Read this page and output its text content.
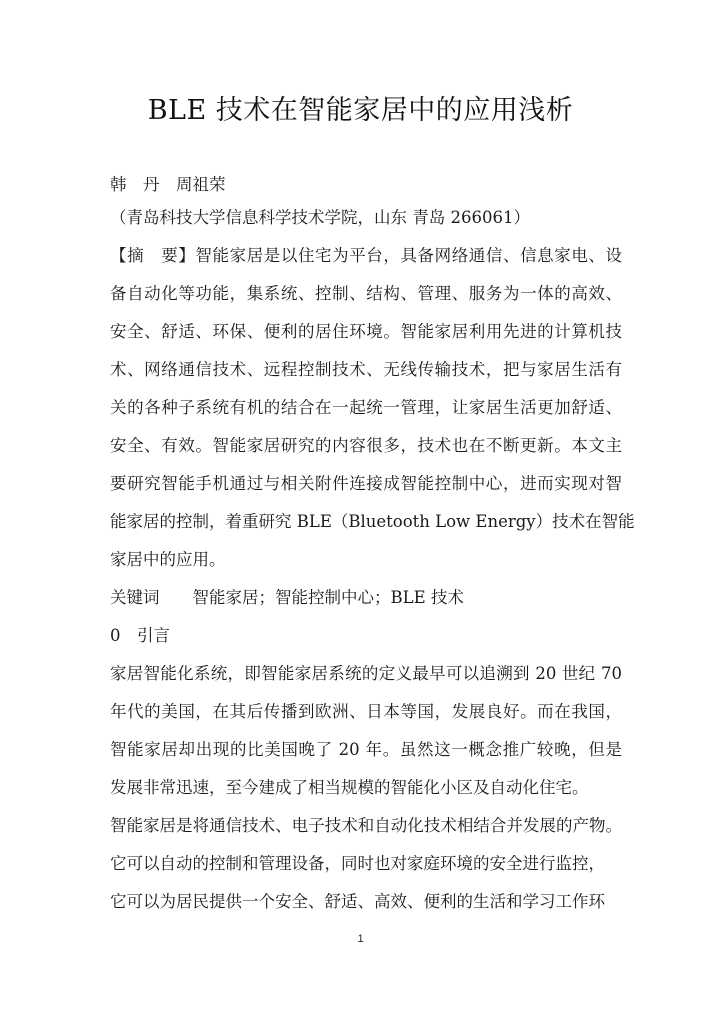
BLE 技术在智能家居中的应用浅析
韩　丹　周祖荣
（青岛科技大学信息科学技术学院，山东 青岛 266061）
【摘　要】智能家居是以住宅为平台，具备网络通信、信息家电、设
备自动化等功能，集系统、控制、结构、管理、服务为一体的高效、
安全、舒适、环保、便利的居住环境。智能家居利用先进的计算机技
术、网络通信技术、远程控制技术、无线传输技术，把与家居生活有
关的各种子系统有机的结合在一起统一管理，让家居生活更加舒适、
安全、有效。智能家居研究的内容很多，技术也在不断更新。本文主
要研究智能手机通过与相关附件连接成智能控制中心，进而实现对智
能家居的控制，着重研究 BLE（Bluetooth Low Energy）技术在智能
家居中的应用。
关键词　　智能家居；智能控制中心；BLE 技术
0　引言
家居智能化系统，即智能家居系统的定义最早可以追溯到 20 世纪 70
年代的美国，在其后传播到欧洲、日本等国，发展良好。而在我国，
智能家居却出现的比美国晚了 20 年。虽然这一概念推广较晚，但是
发展非常迅速，至今建成了相当规模的智能化小区及自动化住宅。
智能家居是将通信技术、电子技术和自动化技术相结合并发展的产物。
它可以自动的控制和管理设备，同时也对家庭环境的安全进行监控，
它可以为居民提供一个安全、舒适、高效、便利的生活和学习工作环
1
